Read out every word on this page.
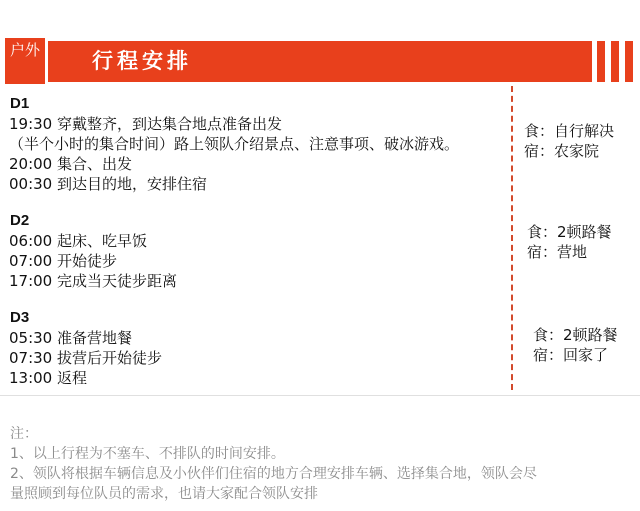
户外 行程安排
D1
19:30 穿戴整齐，到达集合地点准备出发
（半个小时的集合时间）路上领队介绍景点、注意事项、破冰游戏。
20:00 集合、出发
00:30 到达目的地，安排住宿
D2
06:00 起床、吃早饭
07:00 开始徒步
17:00 完成当天徒步距离
D3
05:30 准备营地餐
07:30 拔营后开始徒步
13:00 返程
食：自行解决
宿：农家院
食：2顿路餐
宿：营地
食：2顿路餐
宿：回家了
注：
1、以上行程为不塞车、不排队的时间安排。
2、领队将根据车辆信息及小伙伴们住宿的地方合理安排车辆、选择集合地，领队会尽
量照顾到每位队员的需求，也请大家配合领队安排
